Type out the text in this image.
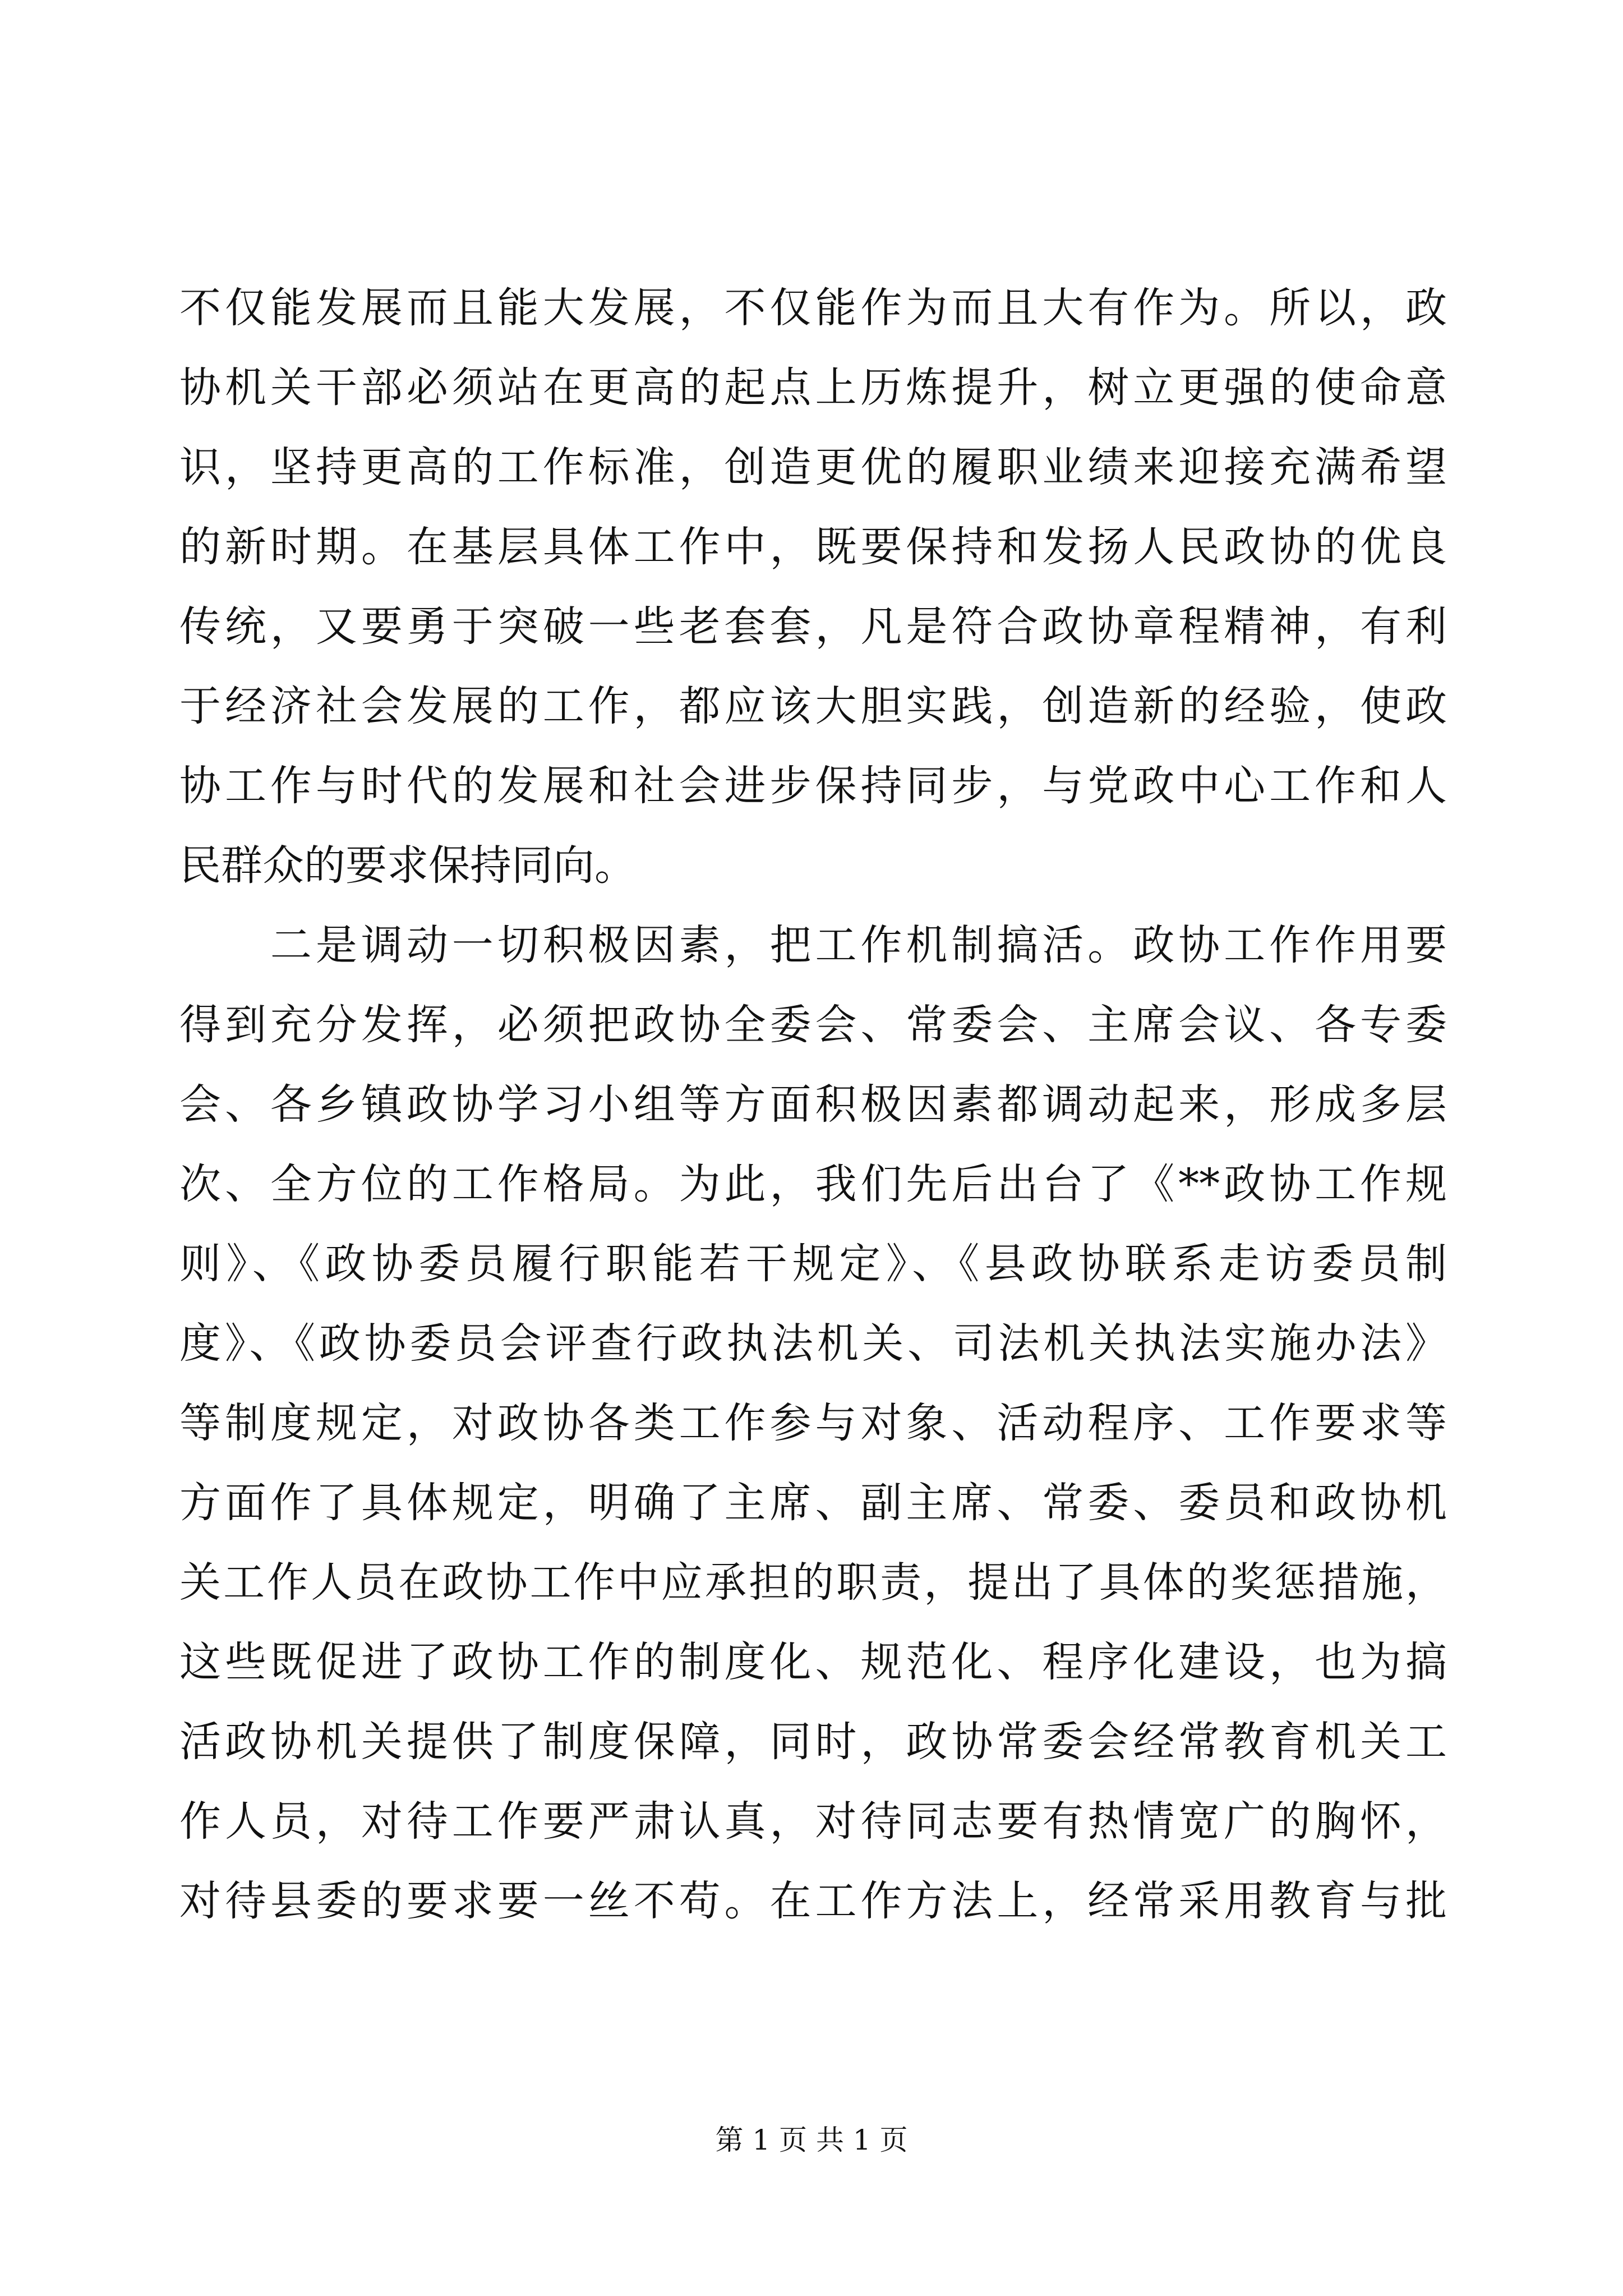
不仅能发展而且能大发展，不仅能作为而且大有作为。所以，政
协机关干部必须站在更高的起点上历炼提升，树立更强的使命意
识，坚持更高的工作标准，创造更优的履职业绩来迎接充满希望
的新时期。在基层具体工作中，既要保持和发扬人民政协的优良
传统，又要勇于突破一些老套套，凡是符合政协章程精神，有利
于经济社会发展的工作，都应该大胆实践，创造新的经验，使政
协工作与时代的发展和社会进步保持同步，与党政中心工作和人
民群众的要求保持同向。
　　二是调动一切积极因素，把工作机制搞活。政协工作作用要
得到充分发挥，必须把政协全委会、常委会、主席会议、各专委
会、各乡镇政协学习小组等方面积极因素都调动起来，形成多层
次、全方位的工作格局。为此，我们先后出台了《**政协工作规
则》、《政协委员履行职能若干规定》、《县政协联系走访委员制
度》、《政协委员会评查行政执法机关、司法机关执法实施办法》
等制度规定，对政协各类工作参与对象、活动程序、工作要求等
方面作了具体规定，明确了主席、副主席、常委、委员和政协机
关工作人员在政协工作中应承担的职责，提出了具体的奖惩措施，
这些既促进了政协工作的制度化、规范化、程序化建设，也为搞
活政协机关提供了制度保障，同时，政协常委会经常教育机关工
作人员，对待工作要严肃认真，对待同志要有热情宽广的胸怀，
对待县委的要求要一丝不苟。在工作方法上，经常采用教育与批
第 1 页 共 1 页
